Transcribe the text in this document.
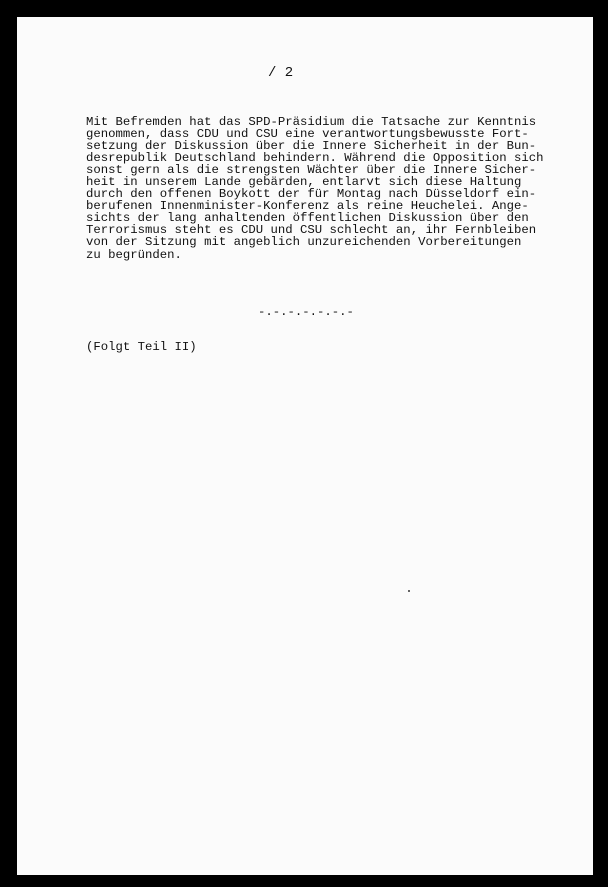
/ 2
Mit Befremden hat das SPD-Präsidium die Tatsache zur Kenntnis
genommen, dass CDU und CSU eine verantwortungsbewusste Fort-
setzung der Diskussion über die Innere Sicherheit in der Bun-
desrepublik Deutschland behindern. Während die Opposition sich
sonst gern als die strengsten Wächter über die Innere Sicher-
heit in unserem Lande gebärden, entlarvt sich diese Haltung
durch den offenen Boykott der für Montag nach Düsseldorf ein-
berufenen Innenminister-Konferenz als reine Heuchelei. Ange-
sichts der lang anhaltenden öffentlichen Diskussion über den
Terrorismus steht es CDU und CSU schlecht an, ihr Fernbleiben
von der Sitzung mit angeblich unzureichenden Vorbereitungen
zu begründen.
-.-.-.-.-.-.-
(Folgt Teil II)
